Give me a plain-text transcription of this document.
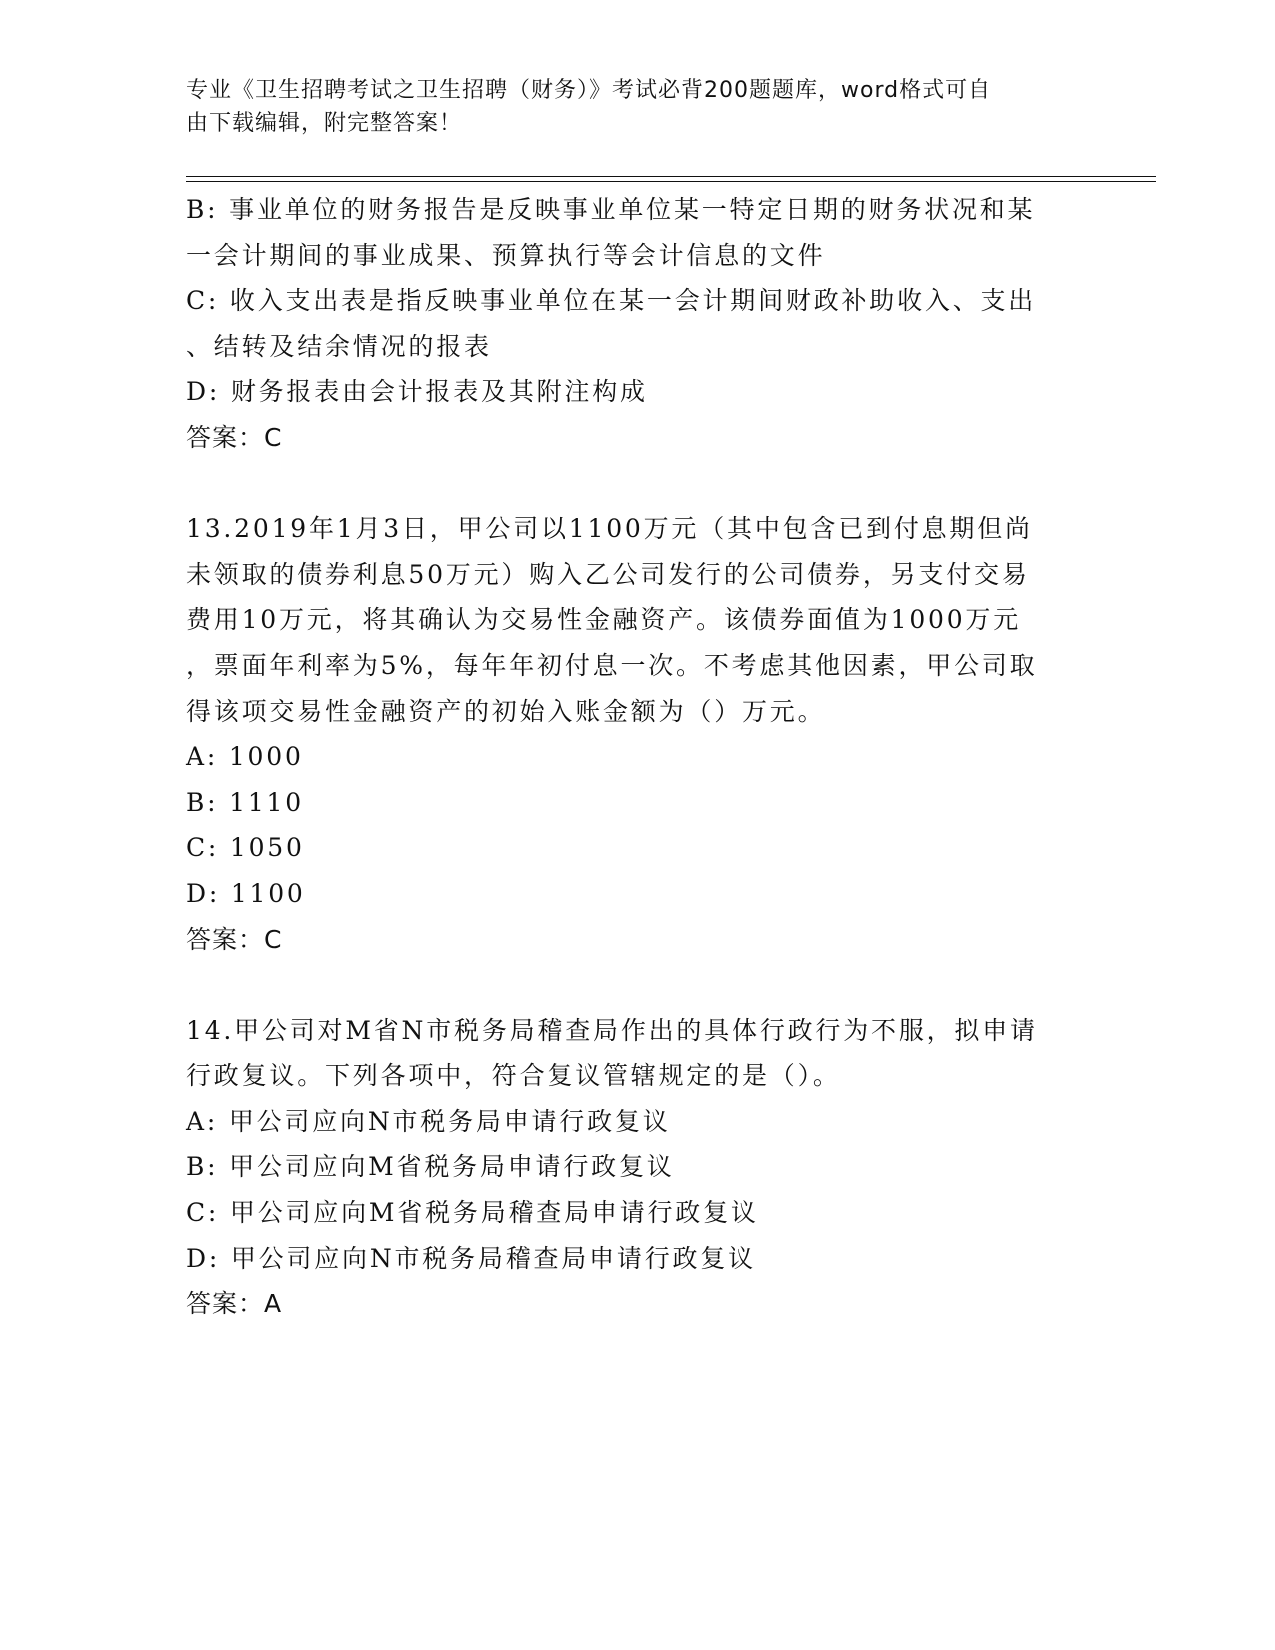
专业《卫生招聘考试之卫生招聘（财务）》考试必背200题题库，word格式可自
由下载编辑，附完整答案！
B: 事业单位的财务报告是反映事业单位某一特定日期的财务状况和某
一会计期间的事业成果、预算执行等会计信息的文件
C: 收入支出表是指反映事业单位在某一会计期间财政补助收入、支出
、结转及结余情况的报表
D: 财务报表由会计报表及其附注构成
答案：C
13.2019年1月3日，甲公司以1100万元（其中包含已到付息期但尚
未领取的债券利息50万元）购入乙公司发行的公司债券，另支付交易
费用10万元，将其确认为交易性金融资产。该债券面值为1000万元
，票面年利率为5%，每年年初付息一次。不考虑其他因素，甲公司取
得该项交易性金融资产的初始入账金额为（）万元。
A: 1000
B: 1110
C: 1050
D: 1100
答案：C
14.甲公司对M省N市税务局稽查局作出的具体行政行为不服，拟申请
行政复议。下列各项中，符合复议管辖规定的是（）。
A: 甲公司应向N市税务局申请行政复议
B: 甲公司应向M省税务局申请行政复议
C: 甲公司应向M省税务局稽查局申请行政复议
D: 甲公司应向N市税务局稽查局申请行政复议
答案：A
